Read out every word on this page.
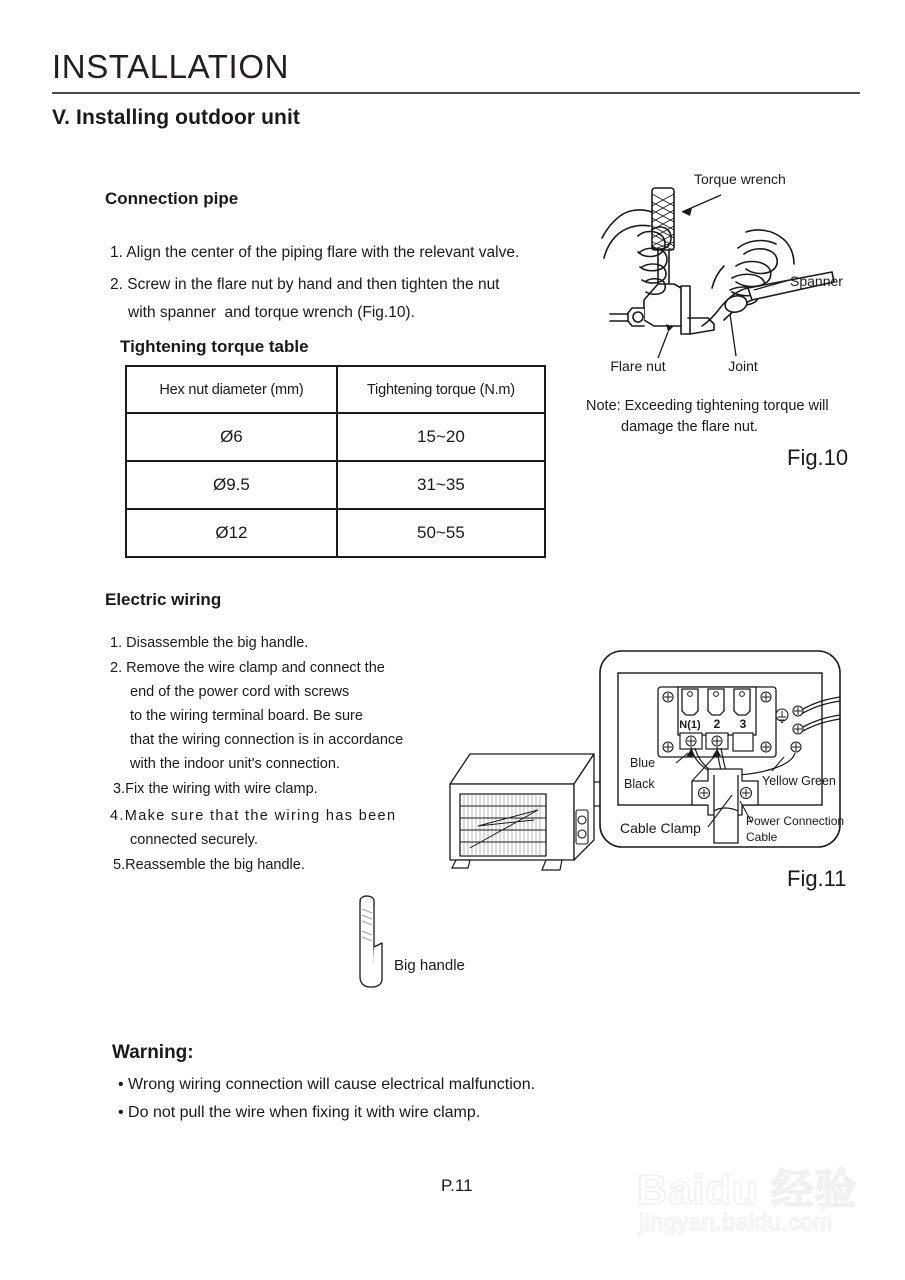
INSTALLATION
V. Installing outdoor unit
Connection pipe
1. Align the center of the piping flare with the relevant valve.
2. Screw in the flare nut by hand and then tighten the nut
with spanner  and torque wrench (Fig.10).
Tightening torque table
Hex nut diameter (mm)	Tightening torque (N.m)
Ø6	15~20
Ø9.5	31~35
Ø12	50~55
Torque wrench
Spanner
Flare nut	Joint
Note: Exceeding tightening torque will
damage the flare nut.
Fig.10
Electric wiring
1. Disassemble the big handle.
2. Remove the wire clamp and connect the
end of the power cord with screws
to the wiring terminal board. Be sure
that the wiring connection is in accordance
with the indoor unit's connection.
3.Fix the wiring with wire clamp.
4.Make sure that the wiring has been
connected securely.
5.Reassemble the big handle.
Big handle
N(1) 2 3
Blue
Black	Yellow Green
Cable Clamp	Power Connection
Cable
Fig.11
Warning:
• Wrong wiring connection will cause electrical malfunction.
• Do not pull the wire when fixing it with wire clamp.
P.11	Baidu 经验
jingyan.baidu.com
